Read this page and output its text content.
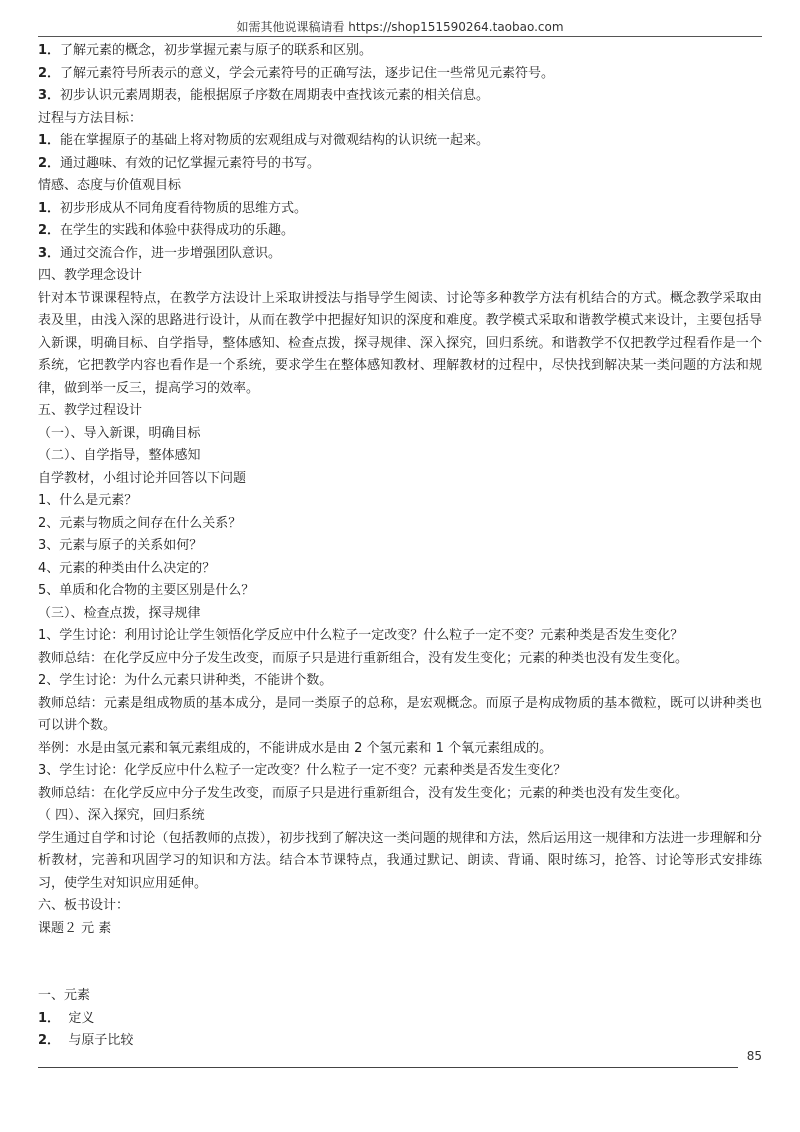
如需其他说课稿请看 https://shop151590264.taobao.com
1．了解元素的概念，初步掌握元素与原子的联系和区别。
2．了解元素符号所表示的意义，学会元素符号的正确写法，逐步记住一些常见元素符号。
3．初步认识元素周期表，能根据原子序数在周期表中查找该元素的相关信息。
过程与方法目标：
1．能在掌握原子的基础上将对物质的宏观组成与对微观结构的认识统一起来。
2．通过趣味、有效的记忆掌握元素符号的书写。
情感、态度与价值观目标
1．初步形成从不同角度看待物质的思维方式。
2．在学生的实践和体验中获得成功的乐趣。
3．通过交流合作，进一步增强团队意识。
四、教学理念设计
针对本节课课程特点，在教学方法设计上采取讲授法与指导学生阅读、讨论等多种教学方法有机结合的方式。概念教学采取由表及里，由浅入深的思路进行设计，从而在教学中把握好知识的深度和难度。教学模式采取和谐教学模式来设计，主要包括导入新课，明确目标、自学指导，整体感知、检查点拨，探寻规律、深入探究，回归系统。和谐教学不仅把教学过程看作是一个系统，它把教学内容也看作是一个系统，要求学生在整体感知教材、理解教材的过程中，尽快找到解决某一类问题的方法和规律，做到举一反三，提高学习的效率。
五、教学过程设计
（一）、导入新课，明确目标
（二）、自学指导，整体感知
自学教材，小组讨论并回答以下问题
1、什么是元素？
2、元素与物质之间存在什么关系？
3、元素与原子的关系如何？
4、元素的种类由什么决定的？
5、单质和化合物的主要区别是什么？
（三）、检查点拨，探寻规律
1、学生讨论：利用讨论让学生领悟化学反应中什么粒子一定改变？什么粒子一定不变？元素种类是否发生变化？
教师总结：在化学反应中分子发生改变，而原子只是进行重新组合，没有发生变化；元素的种类也没有发生变化。
2、学生讨论：为什么元素只讲种类，不能讲个数。
教师总结：元素是组成物质的基本成分，是同一类原子的总称，是宏观概念。而原子是构成物质的基本微粒，既可以讲种类也可以讲个数。
举例：水是由氢元素和氧元素组成的，不能讲成水是由 2 个氢元素和 1 个氧元素组成的。
3、学生讨论：化学反应中什么粒子一定改变？什么粒子一定不变？元素种类是否发生变化？
教师总结：在化学反应中分子发生改变，而原子只是进行重新组合，没有发生变化；元素的种类也没有发生变化。
（ 四）、深入探究，回归系统
学生通过自学和讨论（包括教师的点拨），初步找到了解决这一类问题的规律和方法，然后运用这一规律和方法进一步理解和分析教材，完善和巩固学习的知识和方法。结合本节课特点，我通过默记、朗读、背诵、限时练习，抢答、讨论等形式安排练习，使学生对知识应用延伸。
六、板书设计：
课题２ 元 素
一、元素
1． 定义
2． 与原子比较
85
